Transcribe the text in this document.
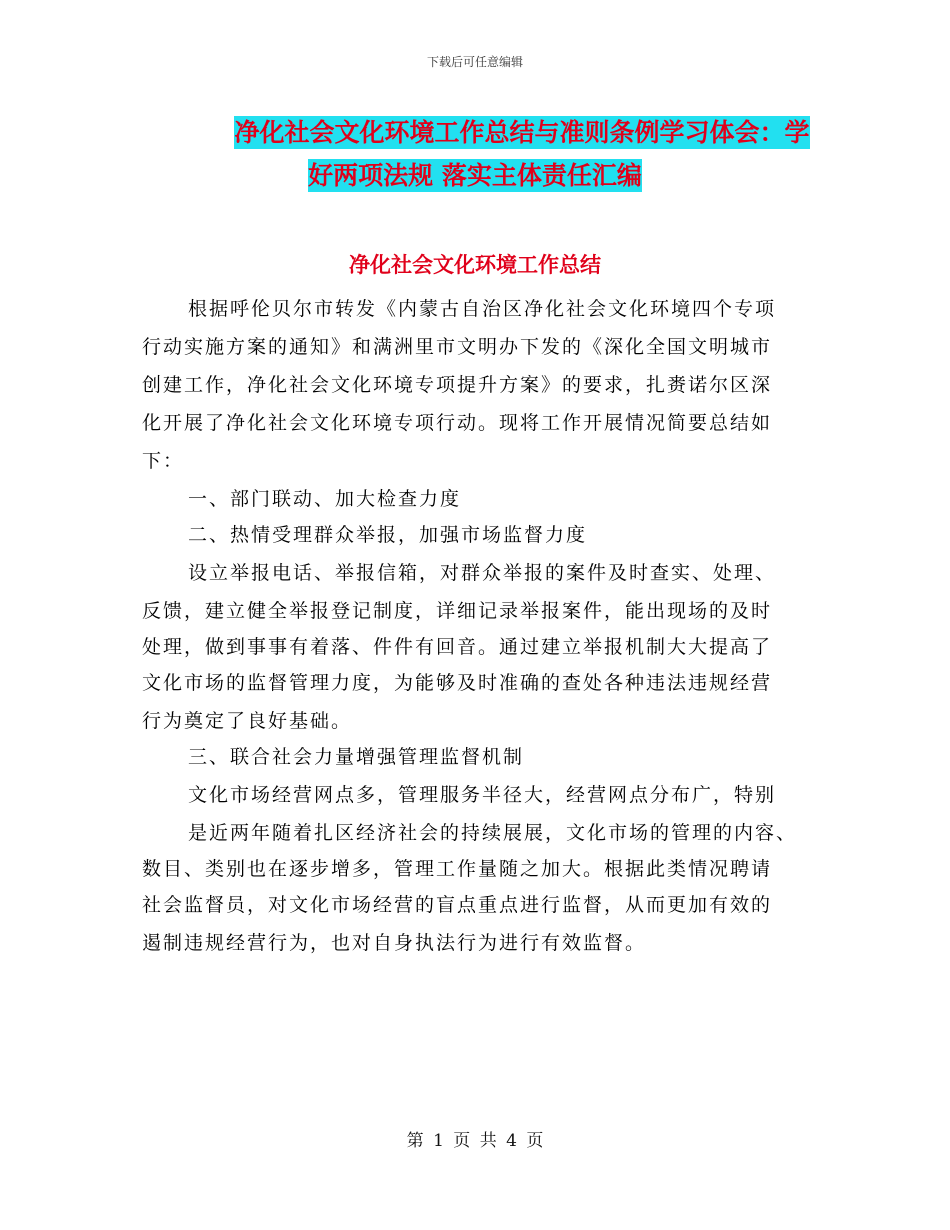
下载后可任意编辑
净化社会文化环境工作总结与准则条例学习体会：学
好两项法规 落实主体责任汇编
净化社会文化环境工作总结
根据呼伦贝尔市转发《内蒙古自治区净化社会文化环境四个专项
行动实施方案的通知》和满洲里市文明办下发的《深化全国文明城市
创建工作，净化社会文化环境专项提升方案》的要求，扎赉诺尔区深
化开展了净化社会文化环境专项行动。现将工作开展情况简要总结如
下：
一、部门联动、加大检查力度
二、热情受理群众举报，加强市场监督力度
设立举报电话、举报信箱，对群众举报的案件及时查实、处理、
反馈，建立健全举报登记制度，详细记录举报案件，能出现场的及时
处理，做到事事有着落、件件有回音。通过建立举报机制大大提高了
文化市场的监督管理力度，为能够及时准确的查处各种违法违规经营
行为奠定了良好基础。
三、联合社会力量增强管理监督机制
文化市场经营网点多，管理服务半径大，经营网点分布广，特别
是近两年随着扎区经济社会的持续展展，文化市场的管理的内容、
数目、类别也在逐步增多，管理工作量随之加大。根据此类情况聘请
社会监督员，对文化市场经营的盲点重点进行监督，从而更加有效的
遏制违规经营行为，也对自身执法行为进行有效监督。
第 1 页 共 4 页
